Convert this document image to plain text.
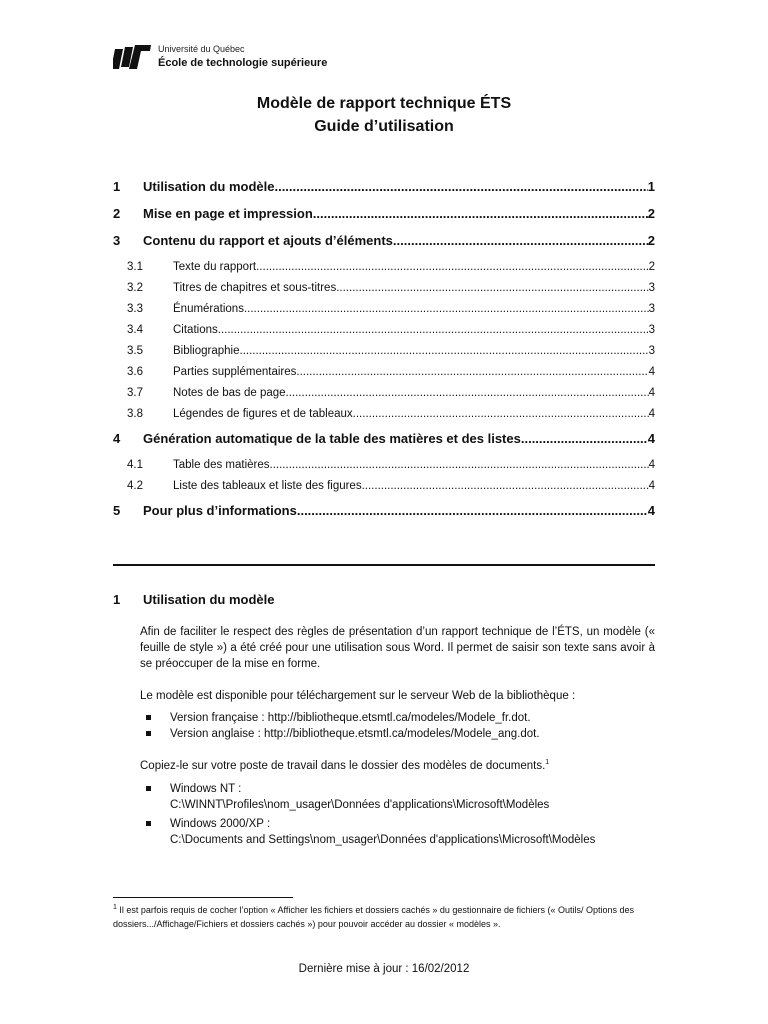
Université du Québec
École de technologie supérieure
Modèle de rapport technique ÉTS
Guide d’utilisation
1	Utilisation du modèle .....	1
2	Mise en page et impression .....	2
3	Contenu du rapport et ajouts d’éléments .....	2
3.1	Texte du rapport .....	2
3.2	Titres de chapitres et sous-titres .....	3
3.3	Énumérations .....	3
3.4	Citations .....	3
3.5	Bibliographie .....	3
3.6	Parties supplémentaires .....	4
3.7	Notes de bas de page .....	4
3.8	Légendes de figures et de tableaux .....	4
4	Génération automatique de la table des matières et des listes .....	4
4.1	Table des matières .....	4
4.2	Liste des tableaux et liste des figures .....	4
5	Pour plus d’informations .....	4
1 Utilisation du modèle
Afin de faciliter le respect des règles de présentation d’un rapport technique de l’ÉTS, un modèle (« feuille de style ») a été créé pour une utilisation sous Word. Il permet de saisir son texte sans avoir à se préoccuper de la mise en forme.
Le modèle est disponible pour téléchargement sur le serveur Web de la bibliothèque :
Version française : http://bibliotheque.etsmtl.ca/modeles/Modele_fr.dot.
Version anglaise : http://bibliotheque.etsmtl.ca/modeles/Modele_ang.dot.
Copiez-le sur votre poste de travail dans le dossier des modèles de documents.$^1$
Windows NT :
C:\WINNT\Profiles\nom_usager\Données d'applications\Microsoft\Modèles
Windows 2000/XP :
C:\Documents and Settings\nom_usager\Données d'applications\Microsoft\Modèles
$^1$ Il est parfois requis de cocher l’option « Afficher les fichiers et dossiers cachés » du gestionnaire de fichiers (« Outils/ Options des dossiers.../Affichage/Fichiers et dossiers cachés ») pour pouvoir accéder au dossier « modèles ».
Dernière mise à jour : 16/02/2012
